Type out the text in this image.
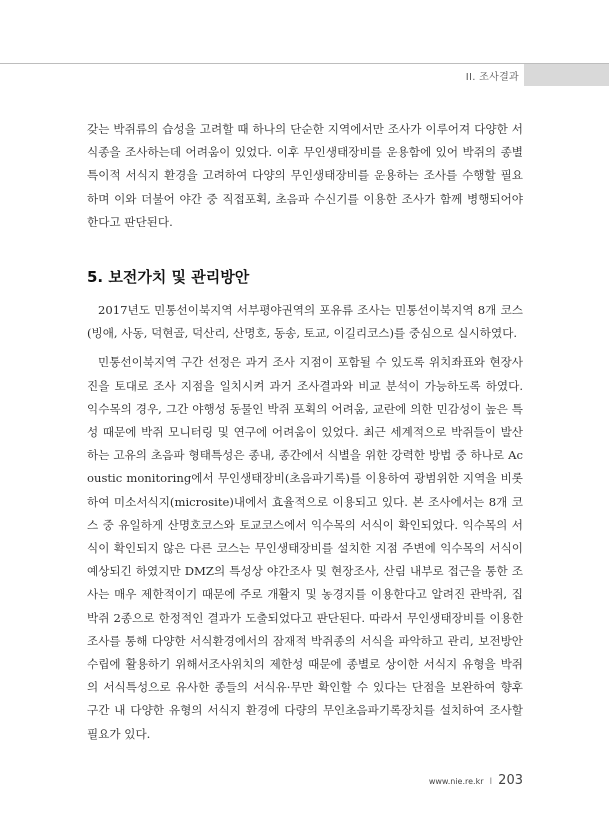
II. 조사결과

갖는 박쥐류의 습성을 고려할 때 하나의 단순한 지역에서만 조사가 이루어져 다양한 서식종을 조사하는데 어려움이 있었다. 이후 무인생태장비를 운용함에 있어 박쥐의 종별 특이적 서식지 환경을 고려하여 다양의 무인생태장비를 운용하는 조사를 수행할 필요하며 이와 더불어 야간 중 직접포획, 초음파 수신기를 이용한 조사가 함께 병행되어야 한다고 판단된다.

5. 보전가치 및 관리방안

2017년도 민통선이북지역 서부평야권역의 포유류 조사는 민통선이북지역 8개 코스(빙애, 사동, 덕현골, 덕산리, 산명호, 동송, 토교, 이길리코스)를 중심으로 실시하였다.

민통선이북지역 구간 선정은 과거 조사 지점이 포함될 수 있도록 위치좌표와 현장사진을 토대로 조사 지점을 일치시켜 과거 조사결과와 비교 분석이 가능하도록 하였다. 익수목의 경우, 그간 야행성 동물인 박쥐 포획의 어려움, 교란에 의한 민감성이 높은 특성 때문에 박쥐 모니터링 및 연구에 어려움이 있었다. 최근 세계적으로 박쥐들이 발산하는 고유의 초음파 형태특성은 종내, 종간에서 식별을 위한 강력한 방법 중 하나로 Acoustic monitoring에서 무인생태장비(초음파기록)를 이용하여 광범위한 지역을 비롯하여 미소서식지(microsite)내에서 효율적으로 이용되고 있다. 본 조사에서는 8개 코스 중 유일하게 산명호코스와 토교코스에서 익수목의 서식이 확인되었다. 익수목의 서식이 확인되지 않은 다른 코스는 무인생태장비를 설치한 지점 주변에 익수목의 서식이 예상되긴 하였지만 DMZ의 특성상 야간조사 및 현장조사, 산림 내부로 접근을 통한 조사는 매우 제한적이기 때문에 주로 개활지 및 농경지를 이용한다고 알려진 관박쥐, 집박쥐 2종으로 한정적인 결과가 도출되었다고 판단된다. 따라서 무인생태장비를 이용한 조사를 통해 다양한 서식환경에서의 잠재적 박쥐종의 서식을 파악하고 관리, 보전방안 수립에 활용하기 위해서조사위치의 제한성 때문에 종별로 상이한 서식지 유형을 박쥐의 서식특성으로 유사한 종들의 서식유·무만 확인할 수 있다는 단점을 보완하여 향후 구간 내 다양한 유형의 서식지 환경에 다량의 무인초음파기록장치를 설치하여 조사할 필요가 있다.

www.nie.re.kr I 203
